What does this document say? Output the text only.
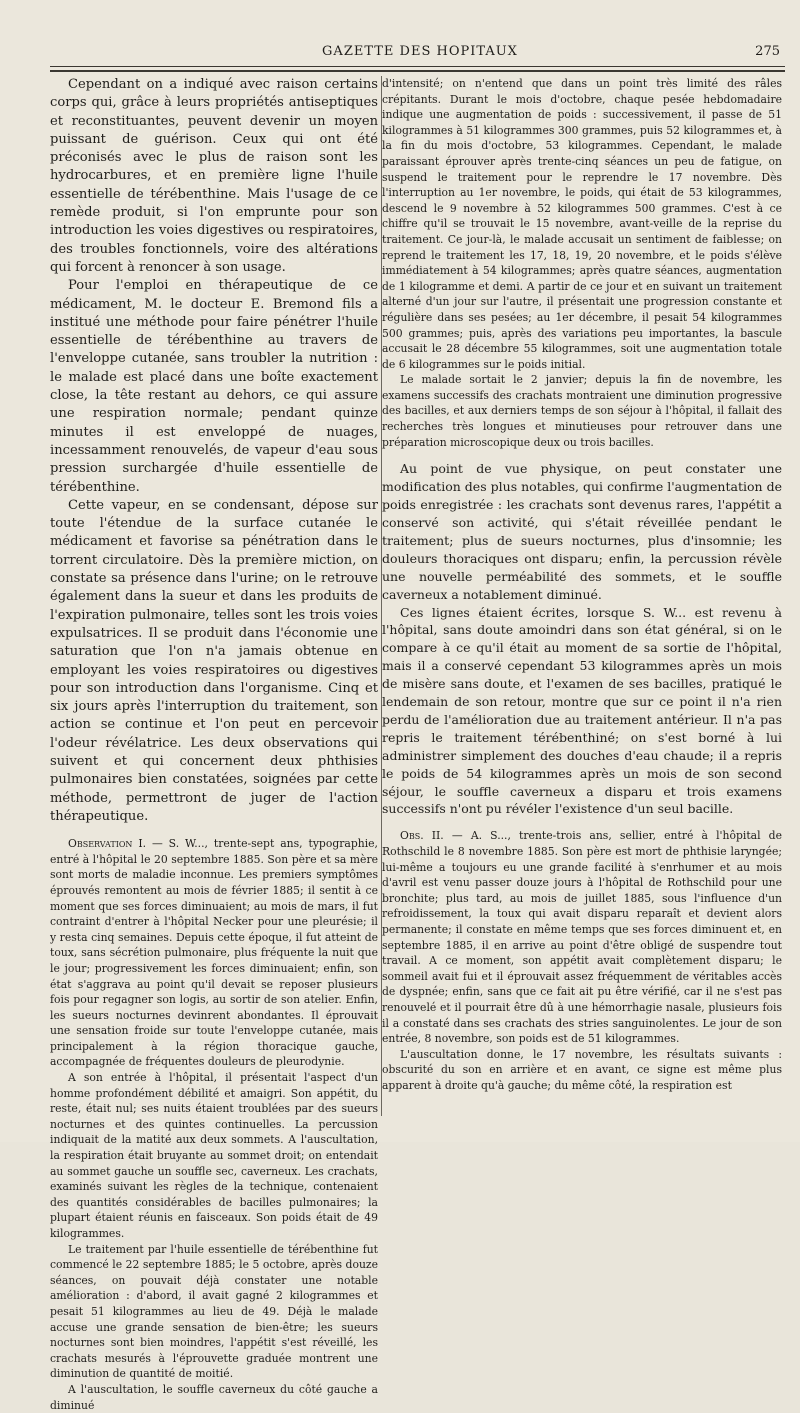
GAZETTE DES HOPITAUX	275

Cependant on a indiqué avec raison certains corps qui, grâce à leurs propriétés antiseptiques et reconstituantes, peuvent devenir un moyen puissant de guérison. Ceux qui ont été préconisés avec le plus de raison sont les hydrocarbures, et en première ligne l'huile essentielle de térébenthine. Mais l'usage de ce remède produit, si l'on emprunte pour son introduction les voies digestives ou respiratoires, des troubles fonctionnels, voire des altérations qui forcent à renoncer à son usage.

Pour l'emploi en thérapeutique de ce médicament, M. le docteur E. Bremond fils a institué une méthode pour faire pénétrer l'huile essentielle de térébenthine au travers de l'enveloppe cutanée, sans troubler la nutrition : le malade est placé dans une boîte exactement close, la tête restant au dehors, ce qui assure une respiration normale; pendant quinze minutes il est enveloppé de nuages, incessamment renouvelés, de vapeur d'eau sous pression surchargée d'huile essentielle de térébenthine.

Cette vapeur, en se condensant, dépose sur toute l'étendue de la surface cutanée le médicament et favorise sa pénétration dans le torrent circulatoire. Dès la première miction, on constate sa présence dans l'urine; on le retrouve également dans la sueur et dans les produits de l'expiration pulmonaire, telles sont les trois voies expulsatrices. Il se produit dans l'économie une saturation que l'on n'a jamais obtenue en employant les voies respiratoires ou digestives pour son introduction dans l'organisme. Cinq et six jours après l'interruption du traitement, son action se continue et l'on peut en percevoir l'odeur révélatrice. Les deux observations qui suivent et qui concernent deux phthisies pulmonaires bien constatées, soignées par cette méthode, permettront de juger de l'action thérapeutique.

Observation I. — S. W..., trente-sept ans, typographie, entré à l'hôpital le 20 septembre 1885. Son père et sa mère sont morts de maladie inconnue. Les premiers symptômes éprouvés remontent au mois de février 1885; il sentit à ce moment que ses forces diminuaient; au mois de mars, il fut contraint d'entrer à l'hôpital Necker pour une pleurésie; il y resta cinq semaines. Depuis cette époque, il fut atteint de toux, sans sécrétion pulmonaire, plus fréquente la nuit que le jour; progressivement les forces diminuaient; enfin, son état s'aggrava au point qu'il devait se reposer plusieurs fois pour regagner son logis, au sortir de son atelier. Enfin, les sueurs nocturnes devinrent abondantes. Il éprouvait une sensation froide sur toute l'enveloppe cutanée, mais principalement à la région thoracique gauche, accompagnée de fréquentes douleurs de pleurodynie.

A son entrée à l'hôpital, il présentait l'aspect d'un homme profondément débilité et amaigri. Son appétit, du reste, était nul; ses nuits étaient troublées par des sueurs nocturnes et des quintes continuelles. La percussion indiquait de la matité aux deux sommets. A l'auscultation, la respiration était bruyante au sommet droit; on entendait au sommet gauche un souffle sec, caverneux. Les crachats, examinés suivant les règles de la technique, contenaient des quantités considérables de bacilles pulmonaires; la plupart étaient réunis en faisceaux. Son poids était de 49 kilogrammes.

Le traitement par l'huile essentielle de térébenthine fut commencé le 22 septembre 1885; le 5 octobre, après douze séances, on pouvait déjà constater une notable amélioration : d'abord, il avait gagné 2 kilogrammes et pesait 51 kilogrammes au lieu de 49. Déjà le malade accuse une grande sensation de bien-être; les sueurs nocturnes sont bien moindres, l'appétit s'est réveillé, les crachats mesurés à l'éprouvette graduée montrent une diminution de quantité de moitié.

A l'auscultation, le souffle caverneux du côté gauche a diminué

d'intensité; on n'entend que dans un point très limité des râles crépitants. Durant le mois d'octobre, chaque pesée hebdomadaire indique une augmentation de poids : successivement, il passe de 51 kilogrammes à 51 kilogrammes 300 grammes, puis 52 kilogrammes et, à la fin du mois d'octobre, 53 kilogrammes. Cependant, le malade paraissant éprouver après trente-cinq séances un peu de fatigue, on suspend le traitement pour le reprendre le 17 novembre. Dès l'interruption au 1er novembre, le poids, qui était de 53 kilogrammes, descend le 9 novembre à 52 kilogrammes 500 grammes. C'est à ce chiffre qu'il se trouvait le 15 novembre, avant-veille de la reprise du traitement. Ce jour-là, le malade accusait un sentiment de faiblesse; on reprend le traitement les 17, 18, 19, 20 novembre, et le poids s'élève immédiatement à 54 kilogrammes; après quatre séances, augmentation de 1 kilogramme et demi. A partir de ce jour et en suivant un traitement alterné d'un jour sur l'autre, il présentait une progression constante et régulière dans ses pesées; au 1er décembre, il pesait 54 kilogrammes 500 grammes; puis, après des variations peu importantes, la bascule accusait le 28 décembre 55 kilogrammes, soit une augmentation totale de 6 kilogrammes sur le poids initial.

Le malade sortait le 2 janvier; depuis la fin de novembre, les examens successifs des crachats montraient une diminution progressive des bacilles, et aux derniers temps de son séjour à l'hôpital, il fallait des recherches très longues et minutieuses pour retrouver dans une préparation microscopique deux ou trois bacilles.

Au point de vue physique, on peut constater une modification des plus notables, qui confirme l'augmentation de poids enregistrée : les crachats sont devenus rares, l'appétit a conservé son activité, qui s'était réveillée pendant le traitement; plus de sueurs nocturnes, plus d'insomnie; les douleurs thoraciques ont disparu; enfin, la percussion révèle une nouvelle perméabilité des sommets, et le souffle caverneux a notablement diminué.

Ces lignes étaient écrites, lorsque S. W... est revenu à l'hôpital, sans doute amoindri dans son état général, si on le compare à ce qu'il était au moment de sa sortie de l'hôpital, mais il a conservé cependant 53 kilogrammes après un mois de misère sans doute, et l'examen de ses bacilles, pratiqué le lendemain de son retour, montre que sur ce point il n'a rien perdu de l'amélioration due au traitement antérieur. Il n'a pas repris le traitement térébenthiné; on s'est borné à lui administrer simplement des douches d'eau chaude; il a repris le poids de 54 kilogrammes après un mois de son second séjour, le souffle caverneux a disparu et trois examens successifs n'ont pu révéler l'existence d'un seul bacille.

Obs. II. — A. S..., trente-trois ans, sellier, entré à l'hôpital de Rothschild le 8 novembre 1885. Son père est mort de phthisie laryngée; lui-même a toujours eu une grande facilité à s'enrhumer et au mois d'avril est venu passer douze jours à l'hôpital de Rothschild pour une bronchite; plus tard, au mois de juillet 1885, sous l'influence d'un refroidissement, la toux qui avait disparu reparaît et devient alors permanente; il constate en même temps que ses forces diminuent et, en septembre 1885, il en arrive au point d'être obligé de suspendre tout travail. A ce moment, son appétit avait complètement disparu; le sommeil avait fui et il éprouvait assez fréquemment de véritables accès de dyspnée; enfin, sans que ce fait ait pu être vérifié, car il ne s'est pas renouvelé et il pourrait être dû à une hémorrhagie nasale, plusieurs fois il a constaté dans ses crachats des stries sanguinolentes. Le jour de son entrée, 8 novembre, son poids est de 51 kilogrammes.

L'auscultation donne, le 17 novembre, les résultats suivants : obscurité du son en arrière et en avant, ce signe est même plus apparent à droite qu'à gauche; du même côté, la respiration est
